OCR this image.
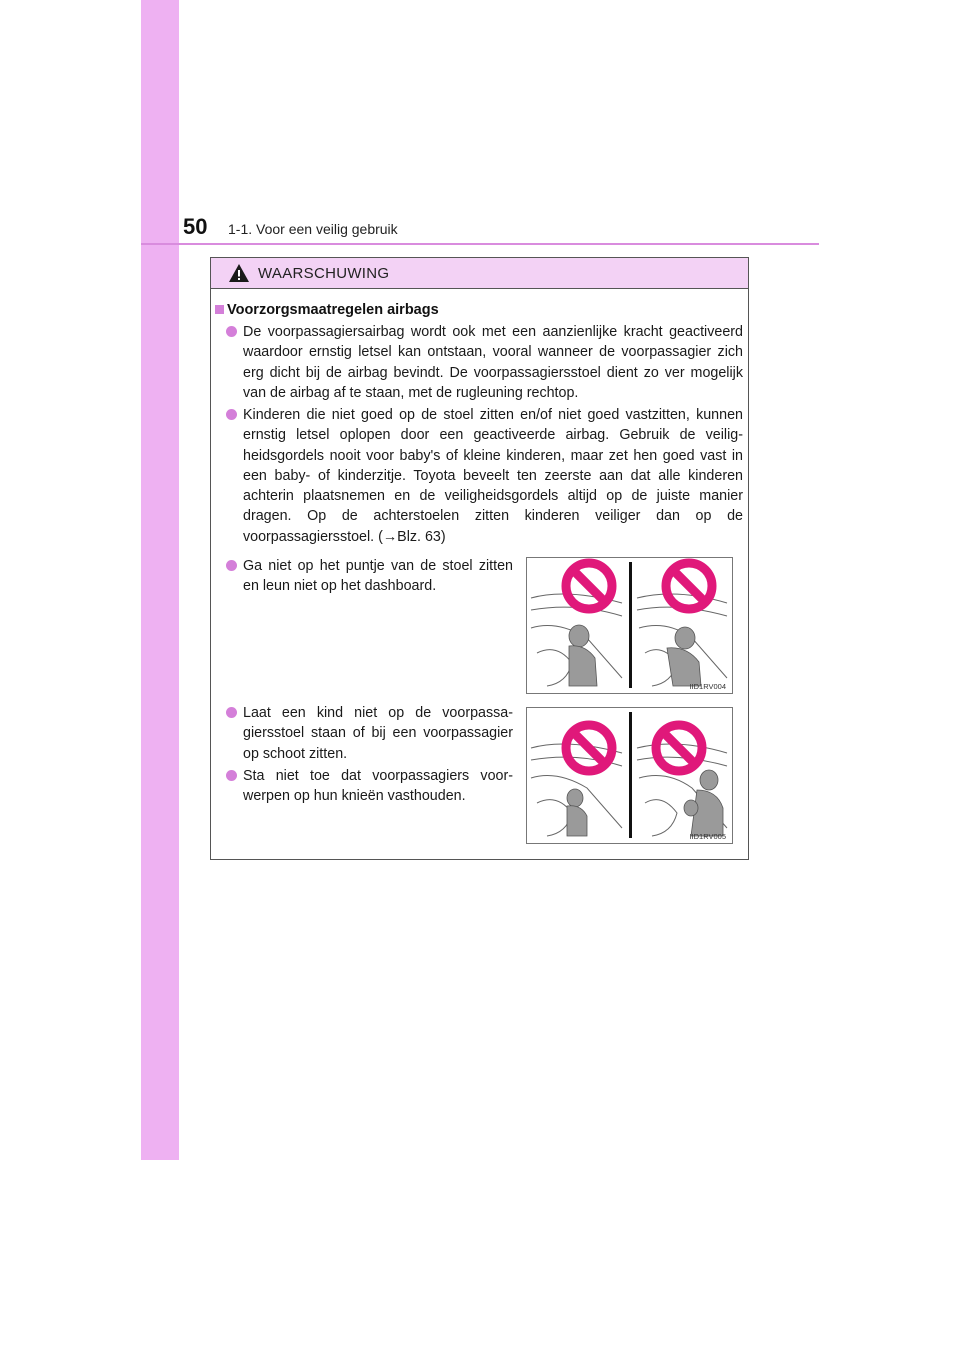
50 1-1. Voor een veilig gebruik
WAARSCHUWING
Voorzorgsmaatregelen airbags

De voorpassagiersairbag wordt ook met een aanzienlijke kracht geactiveerd waardoor ernstig letsel kan ontstaan, vooral wanneer de voorpassagier zich erg dicht bij de airbag bevindt. De voorpassagiersstoel dient zo ver mogelijk van de airbag af te staan, met de rugleuning rechtop.

Kinderen die niet goed op de stoel zitten en/of niet goed vastzitten, kunnen ernstig letsel oplopen door een geactiveerde airbag. Gebruik de veiligheidsgordels nooit voor baby's of kleine kinderen, maar zet hen goed vast in een baby- of kinderzitje. Toyota beveelt ten zeerste aan dat alle kinderen achterin plaatsnemen en de veiligheidsgordels altijd op de juiste manier dragen. Op de achterstoelen zitten kinderen veiliger dan op de voorpassagiersstoel. (→Blz. 63)

Ga niet op het puntje van de stoel zitten en leun niet op het dashboard.

Laat een kind niet op de voorpassagiersstoel staan of bij een voorpassagier op schoot zitten.

Sta niet toe dat voorpassagiers voorwerpen op hun knieën vasthouden.

IID1RV004
IID1RV005
